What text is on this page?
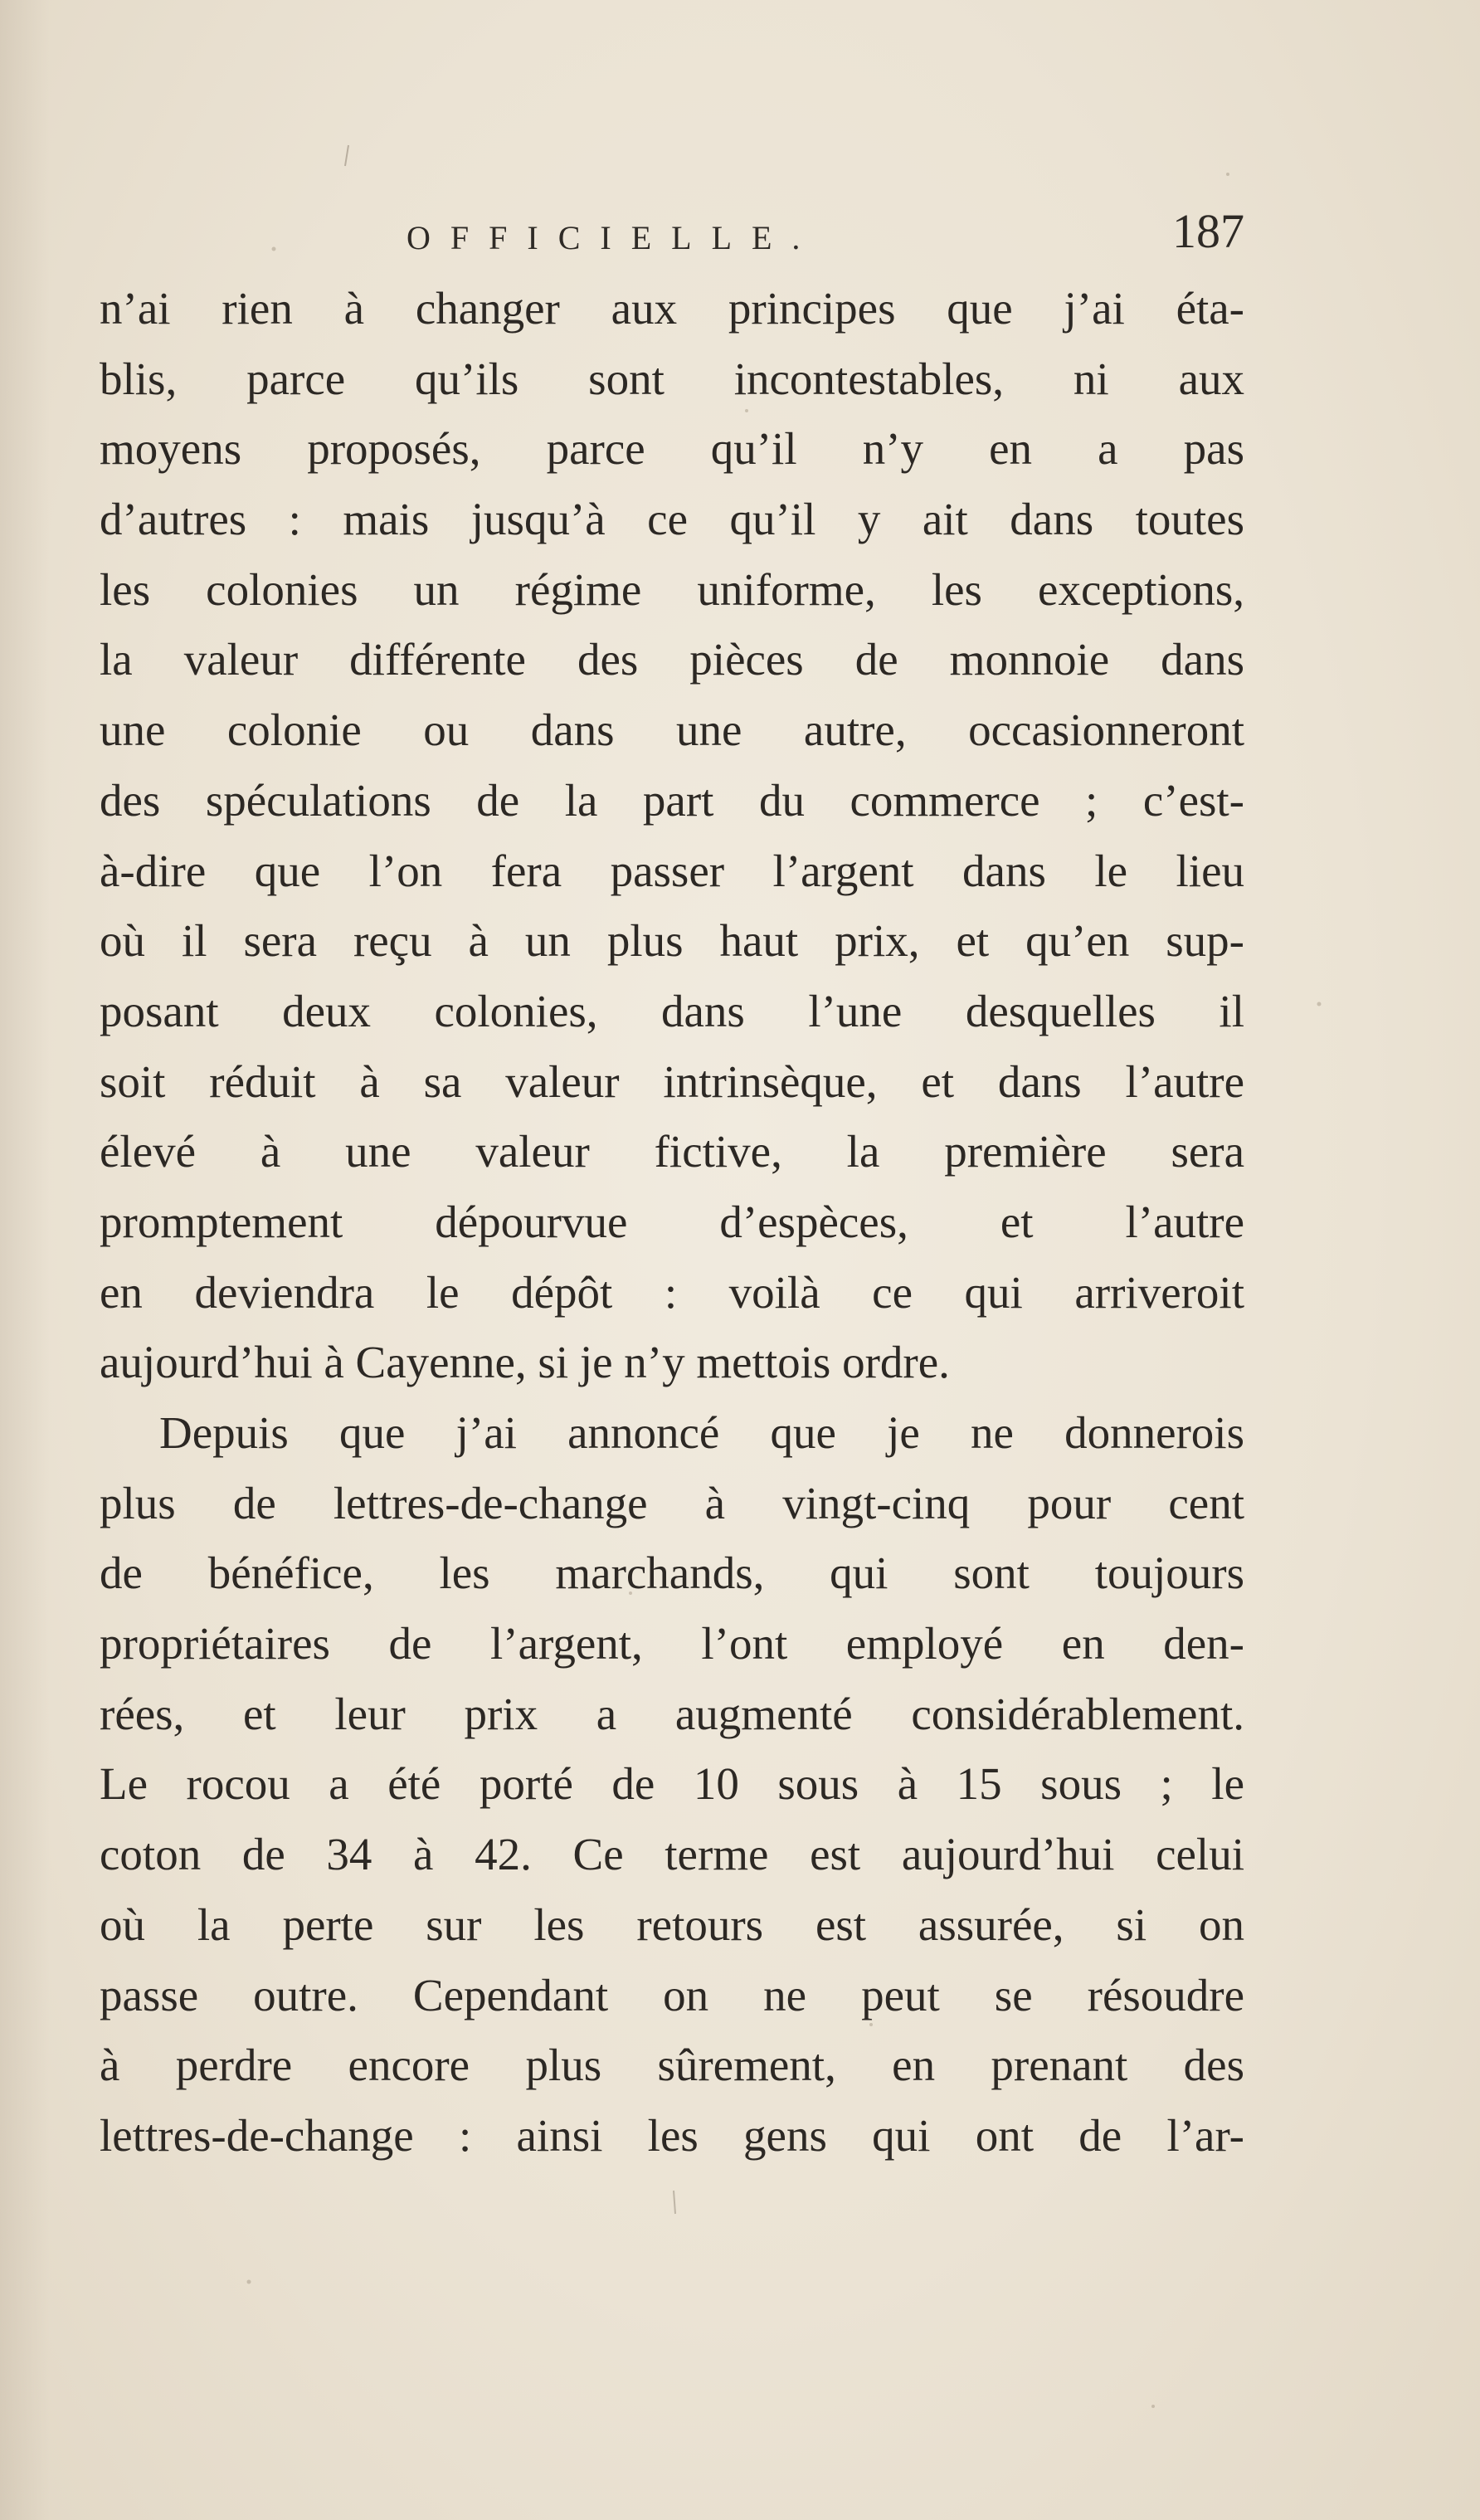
OFFICIELLE.	187
n’ai rien à changer aux principes que j’ai éta-
blis, parce qu’ils sont incontestables, ni aux
moyens proposés, parce qu’il n’y en a pas
d’autres : mais jusqu’à ce qu’il y ait dans toutes
les colonies un régime uniforme, les exceptions,
la valeur différente des pièces de monnoie dans
une colonie ou dans une autre, occasionneront
des spéculations de la part du commerce ; c’est-
à-dire que l’on fera passer l’argent dans le lieu
où il sera reçu à un plus haut prix, et qu’en sup-
posant deux colonies, dans l’une desquelles il
soit réduit à sa valeur intrinsèque, et dans l’autre
élevé à une valeur fictive, la première sera
promptement dépourvue d’espèces, et l’autre
en deviendra le dépôt : voilà ce qui arriveroit
aujourd’hui à Cayenne, si je n’y mettois ordre.
Depuis que j’ai annoncé que je ne donnerois
plus de lettres-de-change à vingt-cinq pour cent
de bénéfice, les marchands, qui sont toujours
propriétaires de l’argent, l’ont employé en den-
rées, et leur prix a augmenté considérablement.
Le rocou a été porté de 10 sous à 15 sous ; le
coton de 34 à 42. Ce terme est aujourd’hui celui
où la perte sur les retours est assurée, si on
passe outre. Cependant on ne peut se résoudre
à perdre encore plus sûrement, en prenant des
lettres-de-change : ainsi les gens qui ont de l’ar-
